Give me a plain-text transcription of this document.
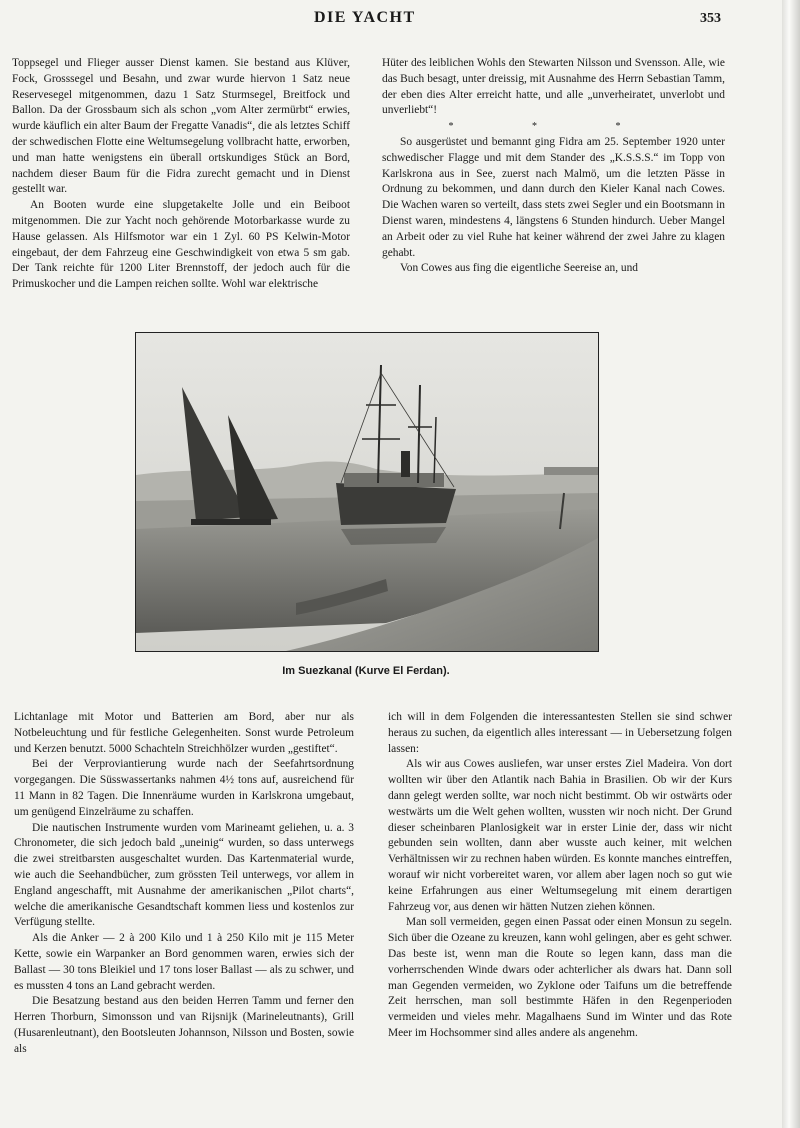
DIE YACHT	353

Toppsegel und Flieger ausser Dienst kamen. Sie bestand aus Klüver, Fock, Grosssegel und Besahn, und zwar wurde hiervon 1 Satz neue Reservesegel mitgenommen, dazu 1 Satz Sturmsegel, Breitfock und Ballon. Da der Grossbaum sich als schon „vom Alter zermürbt“ erwies, wurde käuflich ein alter Baum der Fregatte Vanadis“, die als letztes Schiff der schwedischen Flotte eine Weltumsegelung vollbracht hatte, erworben, und man hatte wenigstens ein überall ortskundiges Stück an Bord, nachdem dieser Baum für die Fidra zurecht gemacht und in Dienst gestellt war.

An Booten wurde eine slupgetakelte Jolle und ein Beiboot mitgenommen. Die zur Yacht noch gehörende Motorbarkasse wurde zu Hause gelassen. Als Hilfsmotor war ein 1 Zyl. 60 PS Kelwin-Motor eingebaut, der dem Fahrzeug eine Geschwindigkeit von etwa 5 sm gab. Der Tank reichte für 1200 Liter Brennstoff, der jedoch auch für die Primuskocher und die Lampen reichen sollte. Wohl war elektrische

Hüter des leiblichen Wohls den Stewarten Nilsson und Svensson. Alle, wie das Buch besagt, unter dreissig, mit Ausnahme des Herrn Sebastian Tamm, der eben dies Alter erreicht hatte, und alle „unverheiratet, unverlobt und unverliebt“!

* * *

So ausgerüstet und bemannt ging Fidra am 25. September 1920 unter schwedischer Flagge und mit dem Stander des „K.S.S.S.“ im Topp von Karlskrona aus in See, zuerst nach Malmö, um die letzten Pässe in Ordnung zu bekommen, und dann durch den Kieler Kanal nach Cowes. Die Wachen waren so verteilt, dass stets zwei Segler und ein Bootsmann in Dienst waren, mindestens 4, längstens 6 Stunden hindurch. Ueber Mangel an Arbeit oder zu viel Ruhe hat keiner während der zwei Jahre zu klagen gehabt.

Von Cowes aus fing die eigentliche Seereise an, und

Im Suezkanal (Kurve El Ferdan).

Lichtanlage mit Motor und Batterien am Bord, aber nur als Notbeleuchtung und für festliche Gelegenheiten. Sonst wurde Petroleum und Kerzen benutzt. 5000 Schachteln Streichhölzer wurden „gestiftet“.

Bei der Verproviantierung wurde nach der Seefahrtsordnung vorgegangen. Die Süsswassertanks nahmen 4½ tons auf, ausreichend für 11 Mann in 82 Tagen. Die Innenräume wurden in Karlskrona umgebaut, um genügend Einzelräume zu schaffen.

Die nautischen Instrumente wurden vom Marineamt geliehen, u. a. 3 Chronometer, die sich jedoch bald „uneinig“ wurden, so dass unterwegs die zwei streitbarsten ausgeschaltet wurden. Das Kartenmaterial wurde, wie auch die Seehandbücher, zum grössten Teil unterwegs, vor allem in England angeschafft, mit Ausnahme der amerikanischen „Pilot charts“, welche die amerikanische Gesandtschaft kommen liess und kostenlos zur Verfügung stellte.

Als die Anker — 2 à 200 Kilo und 1 à 250 Kilo mit je 115 Meter Kette, sowie ein Warpanker an Bord genommen waren, erwies sich der Ballast — 30 tons Bleikiel und 17 tons loser Ballast — als zu schwer, und es mussten 4 tons an Land gebracht werden.

Die Besatzung bestand aus den beiden Herren Tamm und ferner den Herren Thorburn, Simonsson und van Rijsnijk (Marineleutnants), Grill (Husarenleutnant), den Bootsleuten Johannson, Nilsson und Bosten, sowie als

ich will in dem Folgenden die interessantesten Stellen sie sind schwer heraus zu suchen, da eigentlich alles interessant — in Uebersetzung folgen lassen:

Als wir aus Cowes ausliefen, war unser erstes Ziel Madeira. Von dort wollten wir über den Atlantik nach Bahia in Brasilien. Ob wir der Kurs dann gelegt werden sollte, war noch nicht bestimmt. Ob wir ostwärts oder westwärts um die Welt gehen wollten, wussten wir noch nicht. Der Grund dieser scheinbaren Planlosigkeit war in erster Linie der, dass wir nicht gebunden sein wollten, dann aber wusste auch keiner, mit welchen Verhältnissen wir zu rechnen haben würden. Es konnte manches eintreffen, worauf wir nicht vorbereitet waren, vor allem aber lagen noch so gut wie keine Erfahrungen aus einer Weltumsegelung mit einem derartigen Fahrzeug vor, aus denen wir hätten Nutzen ziehen können.

Man soll vermeiden, gegen einen Passat oder einen Monsun zu segeln. Sich über die Ozeane zu kreuzen, kann wohl gelingen, aber es geht schwer. Das beste ist, wenn man die Route so legen kann, dass man die vorherrschenden Winde dwars oder achterlicher als dwars hat. Dann soll man Gegenden vermeiden, wo Zyklone oder Taifuns um die betreffende Zeit herrschen, man soll bestimmte Häfen in den Regenperioden vermeiden und vieles mehr. Magalhaens Sund im Winter und das Rote Meer im Hochsommer sind alles andere als angenehm.
